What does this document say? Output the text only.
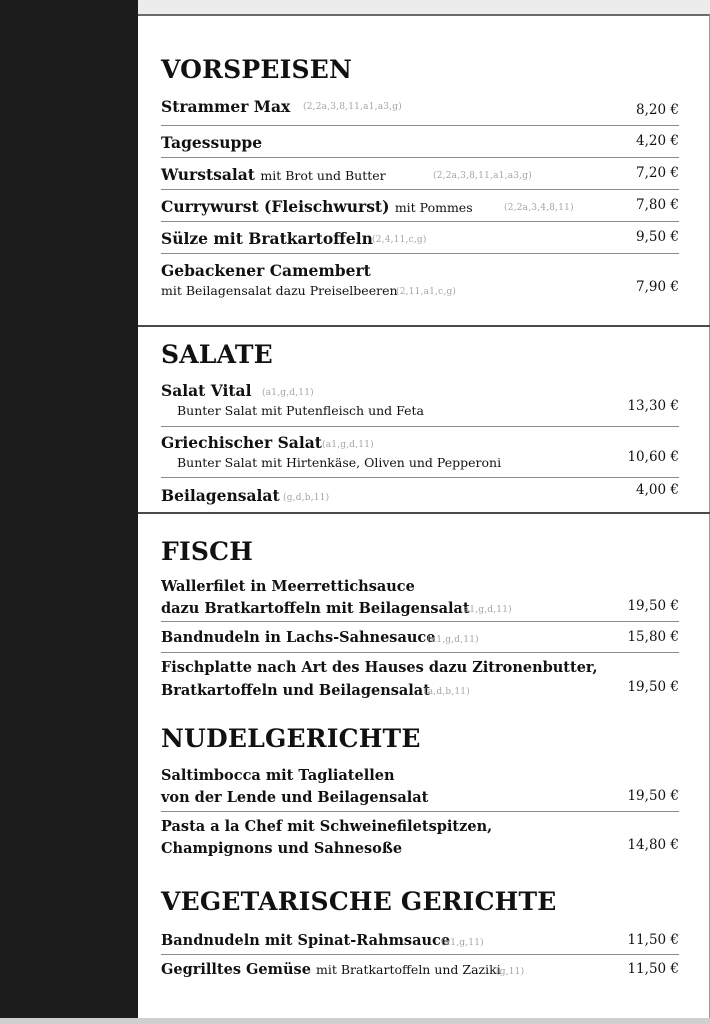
VORSPEISEN
Strammer Max (2,2a,3,8,11,a1,a3,g)	8,20 €
Tagessuppe	4,20 €
Wurstsalat mit Brot und Butter	(2,2a,3,8,11,a1,a3,g)	7,20 €
Currywurst (Fleischwurst) mit Pommes	(2,2a,3,4,8,11)	7,80 €
Sülze mit Bratkartoffeln (2,4,11,c,g)	9,50 €
Gebackener Camembert
mit Beilagensalat dazu Preiselbeeren
(2,11,a1,c,g)	7,90 €
SALATE
Salat Vital (a1,g,d,11)
Bunter Salat mit Putenfleisch und Feta	13,30 €
Griechischer Salat (a1,g,d,11)
Bunter Salat mit Hirtenkäse, Oliven und Pepperoni	10,60 €
Beilagensalat (g,d,b,11)	4,00 €
FISCH
Wallerfilet in Meerrettichsauce
dazu Bratkartoffeln mit Beilagensalat
(a1,g,d,11)	19,50 €
Bandnudeln in Lachs-Sahnesauce
(a1,g,d,11)	15,80 €
Fischplatte nach Art des Hauses dazu Zitronenbutter,
Bratkartoffeln und Beilagensalat
(a,d,b,11)	19,50 €
NUDELGERICHTE
Saltimbocca mit Tagliatellen
von der Lende und Beilagensalat	19,50 €
Pasta a la Chef mit Schweinefiletspitzen,
Champignons und Sahnesoße	14,80 €
VEGETARISCHE GERICHTE
Bandnudeln mit Spinat-Rahmsauce
(a1,g,11)	11,50 €
Gegrilltes Gemüse mit Bratkartoffeln und Zaziki
(g,11)	11,50 €
